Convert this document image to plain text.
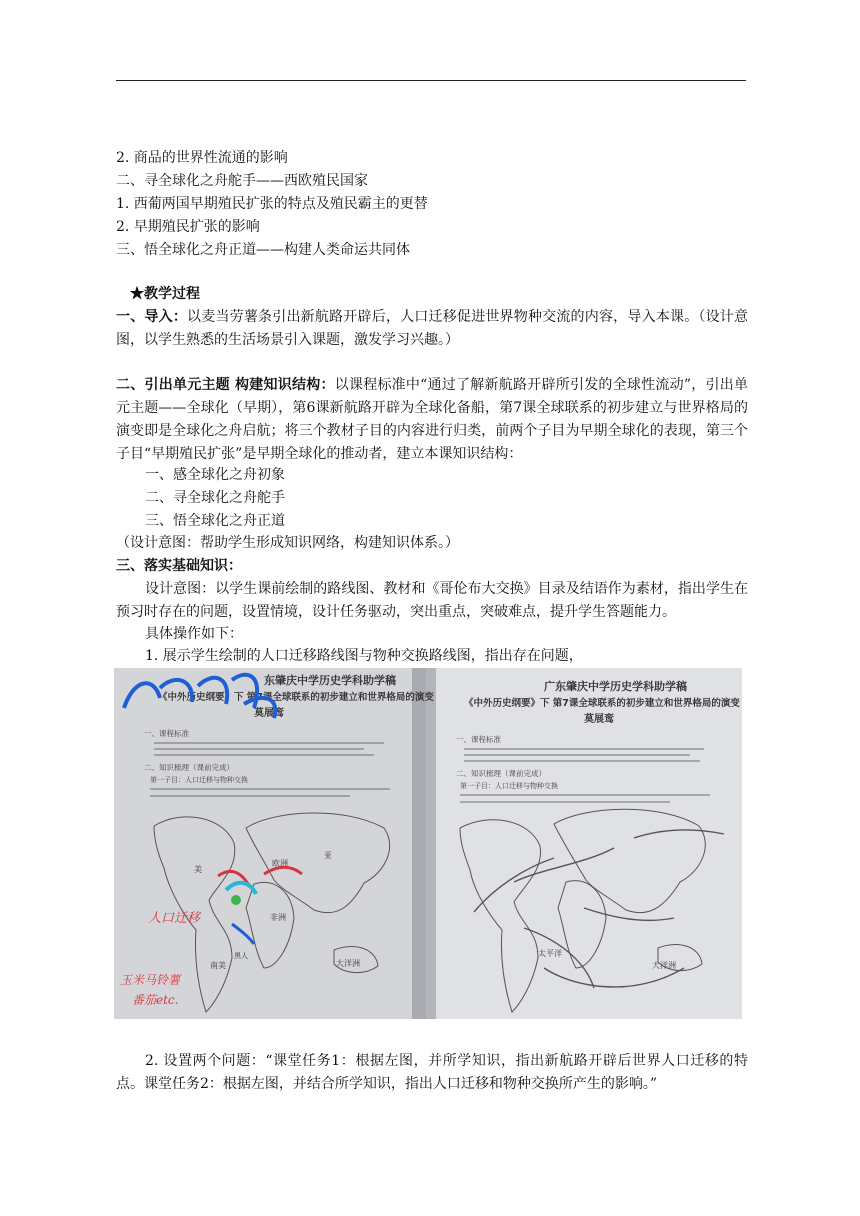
2. 商品的世界性流通的影响
二、寻全球化之舟舵手——西欧殖民国家
1. 西葡两国早期殖民扩张的特点及殖民霸主的更替
2. 早期殖民扩张的影响
三、悟全球化之舟正道——构建人类命运共同体
★教学过程
一、导入：以麦当劳薯条引出新航路开辟后，人口迁移促进世界物种交流的内容，导入本课。（设计意图，以学生熟悉的生活场景引入课题，激发学习兴趣。）
二、引出单元主题 构建知识结构：以课程标准中“通过了解新航路开辟所引发的全球性流动”，引出单元主题——全球化（早期），第6课新航路开辟为全球化备船，第7课全球联系的初步建立与世界格局的演变即是全球化之舟启航；将三个教材子目的内容进行归类，前两个子目为早期全球化的表现，第三个子目“早期殖民扩张”是早期全球化的推动者，建立本课知识结构：
一、感全球化之舟初象
二、寻全球化之舟舵手
三、悟全球化之舟正道
（设计意图：帮助学生形成知识网络，构建知识体系。）
三、落实基础知识：
设计意图：以学生课前绘制的路线图、教材和《哥伦布大交换》目录及结语作为素材，指出学生在预习时存在的问题，设置情境，设计任务驱动，突出重点，突破难点，提升学生答题能力。
具体操作如下：
1. 展示学生绘制的人口迁移路线图与物种交换路线图，指出存在问题，
东肇庆中学历史学科助学稿
《中外历史纲要》下 第7课全球联系的初步建立和世界格局的演变
莫展鸾
一、课程标准
二、知识梳理（课前完成）
第一子目：人口迁移与物种交换
欧洲
亚
非洲
美
南美	大洋洲
黑人
人口迁移
玉米马铃薯
番茄etc.
广东肇庆中学历史学科助学稿
《中外历史纲要》下 第7课全球联系的初步建立和世界格局的演变
莫展鸾
一、课程标准
二、知识梳理（课前完成）
第一子目：人口迁移与物种交换
大洋洲
太平洋
2. 设置两个问题：“课堂任务1：根据左图，并所学知识，指出新航路开辟后世界人口迁移的特点。课堂任务2：根据左图，并结合所学知识，指出人口迁移和物种交换所产生的影响。”
